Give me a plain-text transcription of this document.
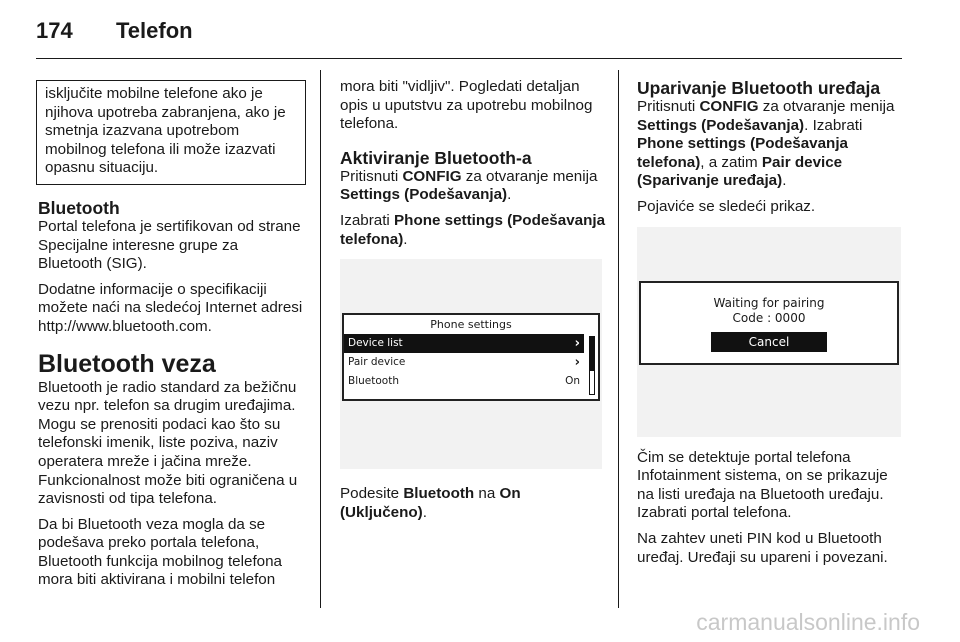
174 Telefon
isključite mobilne telefone ako je njihova upotreba zabranjena, ako je smetnja izazvana upotrebom mobilnog telefona ili može izazvati opasnu situaciju.
Bluetooth

Portal telefona je sertifikovan od strane Specijalne interesne grupe za Bluetooth (SIG).

Dodatne informacije o specifikaciji možete naći na sledećoj Internet adresi http://www.bluetooth.com.

Bluetooth veza

Bluetooth je radio standard za bežičnu vezu npr. telefon sa drugim uređajima. Mogu se prenositi podaci kao što su telefonski imenik, liste poziva, naziv operatera mreže i jačina mreže. Funkcionalnost može biti ograničena u zavisnosti od tipa telefona.

Da bi Bluetooth veza mogla da se podešava preko portala telefona, Bluetooth funkcija mobilnog telefona mora biti aktivirana i mobilni telefon

mora biti "vidljiv". Pogledati detaljan opis u uputstvu za upotrebu mobilnog telefona.

Aktiviranje Bluetooth-a

Pritisnuti CONFIG za otvaranje menija Settings (Podešavanja).

Izabrati Phone settings (Podešavanja telefona).

Phone settings
Device list	›
Pair device	›
Bluetooth	On

Podesite Bluetooth na On (Uključeno).

Uparivanje Bluetooth uređaja

Pritisnuti CONFIG za otvaranje menija Settings (Podešavanja). Izabrati Phone settings (Podešavanja telefona), a zatim Pair device (Sparivanje uređaja).

Pojaviće se sledeći prikaz.

Waiting for pairing
Code : 0000
Cancel

Čim se detektuje portal telefona Infotainment sistema, on se prikazuje na listi uređaja na Bluetooth uređaju. Izabrati portal telefona.

Na zahtev uneti PIN kod u Bluetooth uređaj. Uređaji su upareni i povezani.

carmanualsonline.info
